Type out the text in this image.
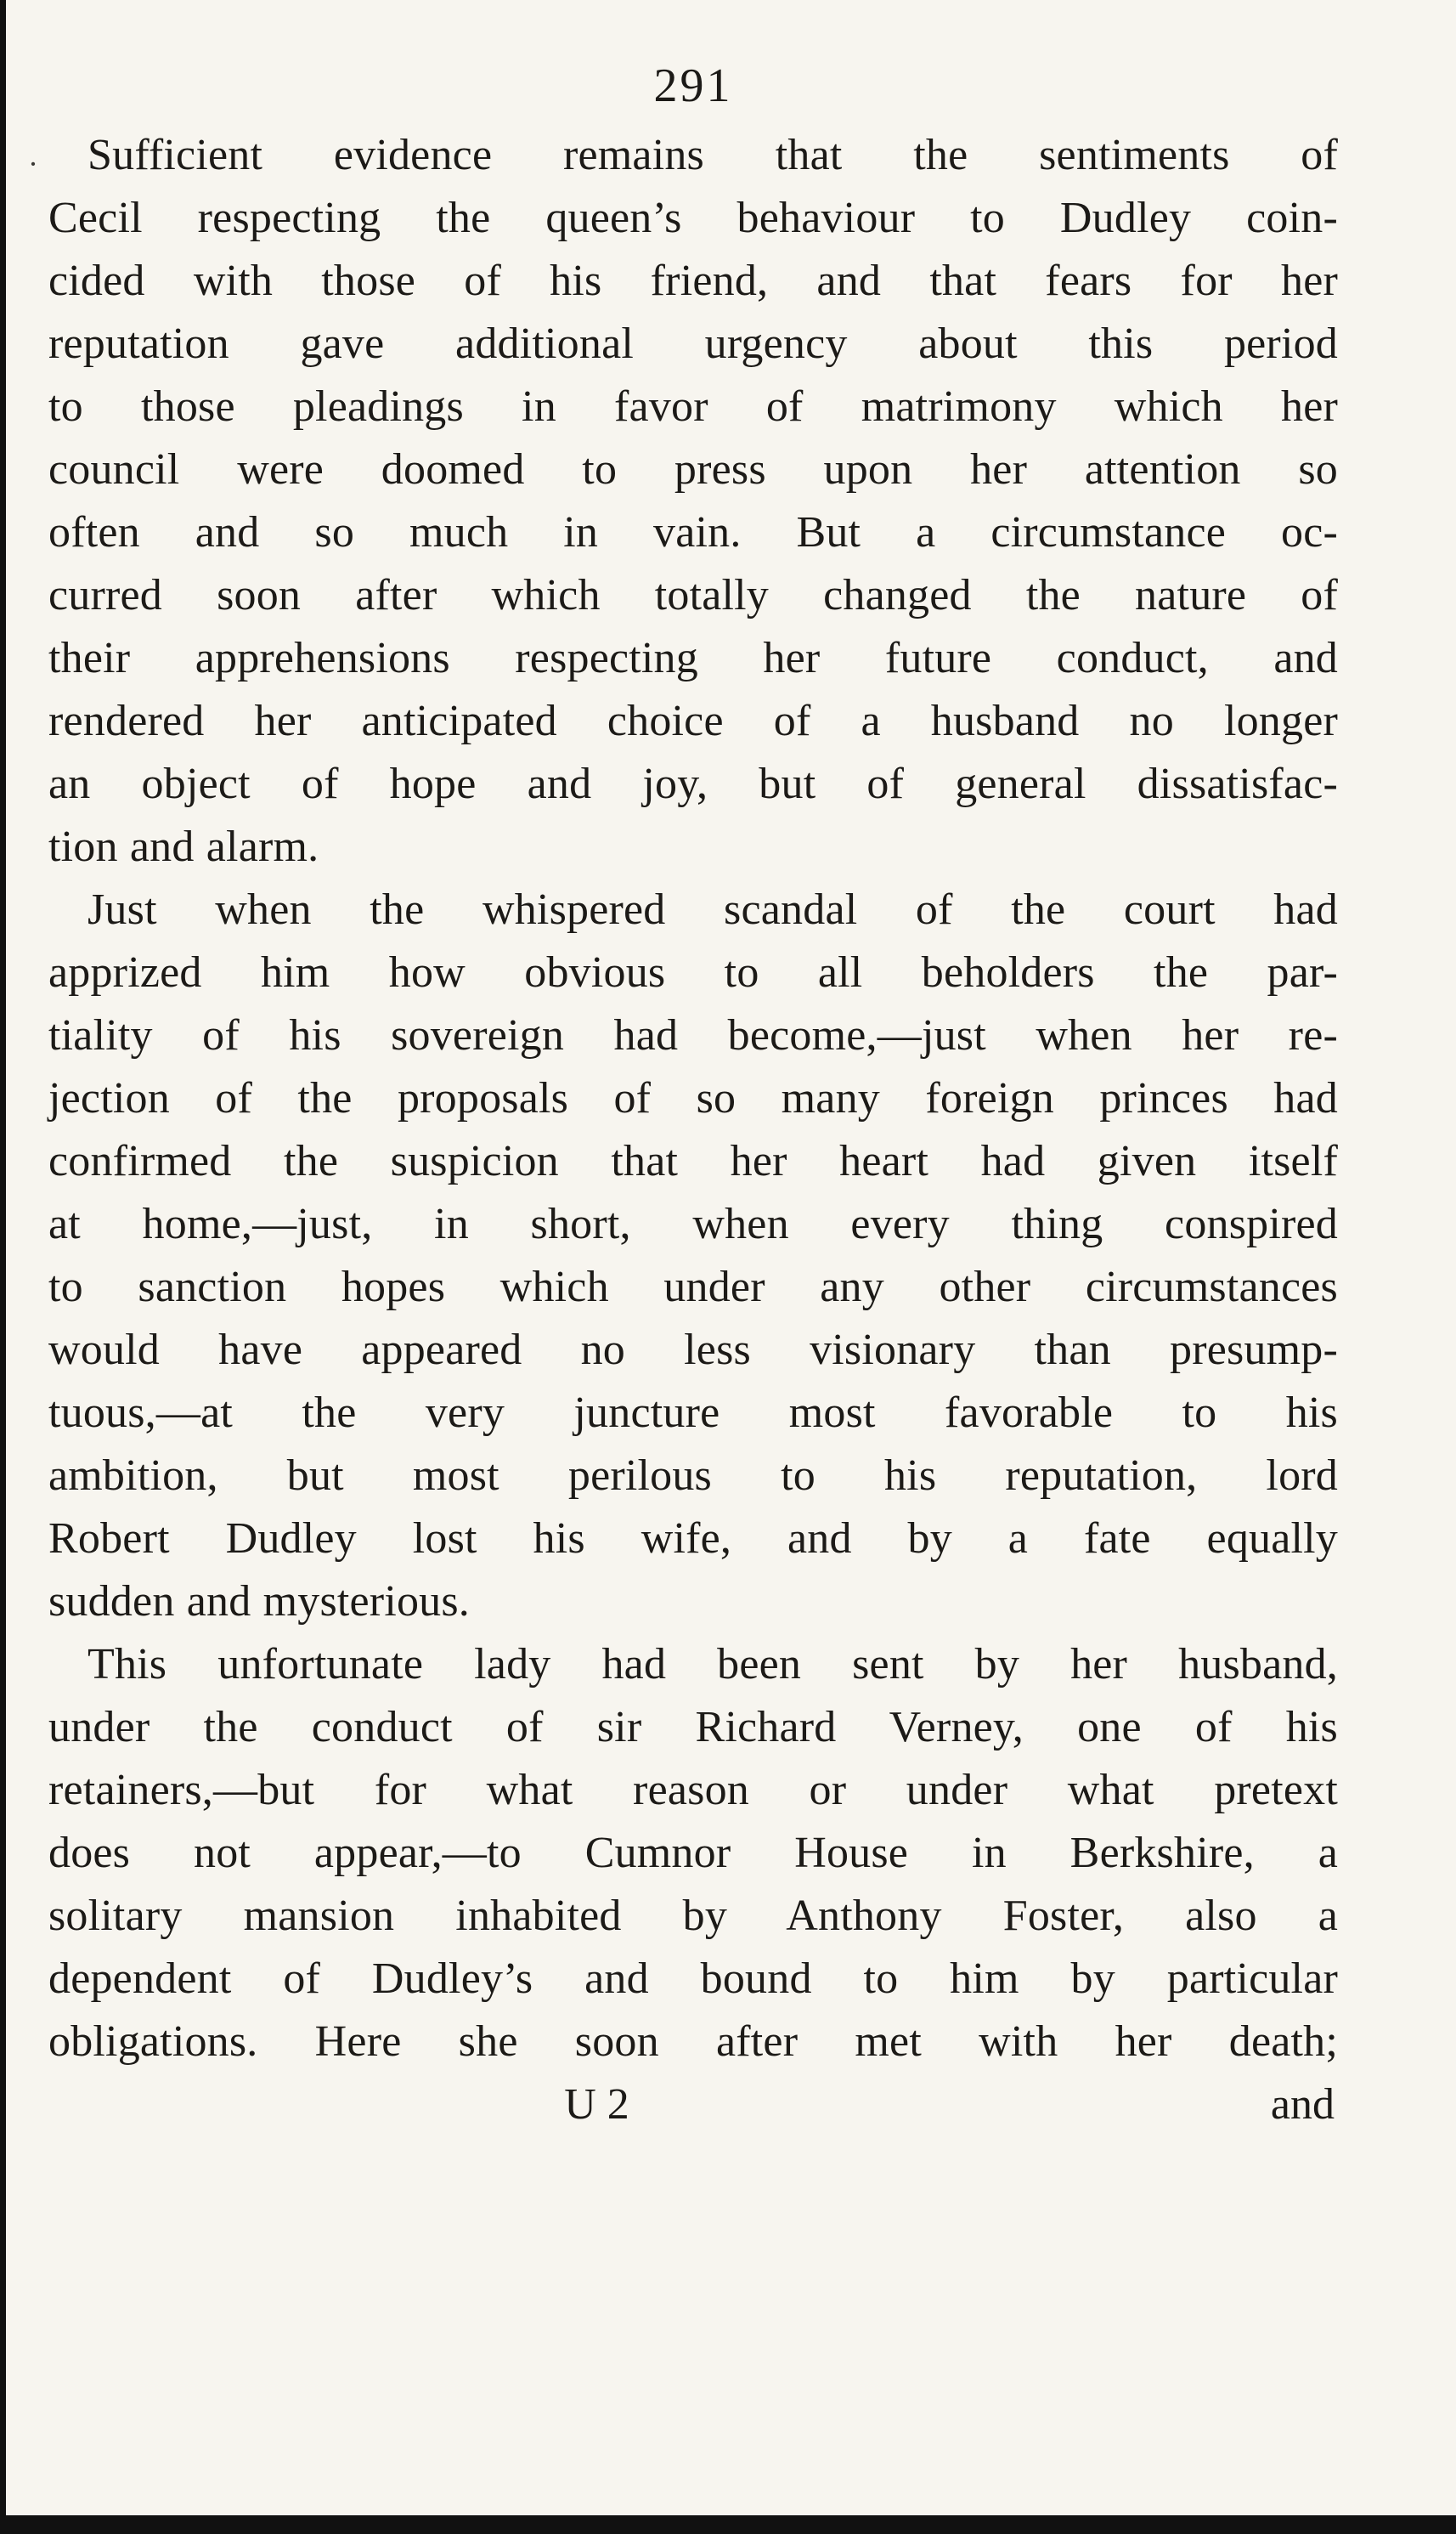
291
·	Sufficient evidence remains that the sentiments of
Cecil respecting the queen’s behaviour to Dudley coin-
cided with those of his friend, and that fears for her
reputation gave additional urgency about this period
to those pleadings in favor of matrimony which her
council were doomed to press upon her attention so
often and so much in vain. But a circumstance oc-
curred soon after which totally changed the nature of
their apprehensions respecting her future conduct, and
rendered her anticipated choice of a husband no longer
an object of hope and joy, but of general dissatisfac-
tion and alarm.
Just when the whispered scandal of the court had
apprized him how obvious to all beholders the par-
tiality of his sovereign had become,—just when her re-
jection of the proposals of so many foreign princes had
confirmed the suspicion that her heart had given itself
at home,—just, in short, when every thing conspired
to sanction hopes which under any other circumstances
would have appeared no less visionary than presump-
tuous,—at the very juncture most favorable to his
ambition, but most perilous to his reputation, lord
Robert Dudley lost his wife, and by a fate equally
sudden and mysterious.
This unfortunate lady had been sent by her husband,
under the conduct of sir Richard Verney, one of his
retainers,—but for what reason or under what pretext
does not appear,—to Cumnor House in Berkshire, a
solitary mansion inhabited by Anthony Foster, also a
dependent of Dudley’s and bound to him by particular
obligations. Here she soon after met with her death;
U 2	and
